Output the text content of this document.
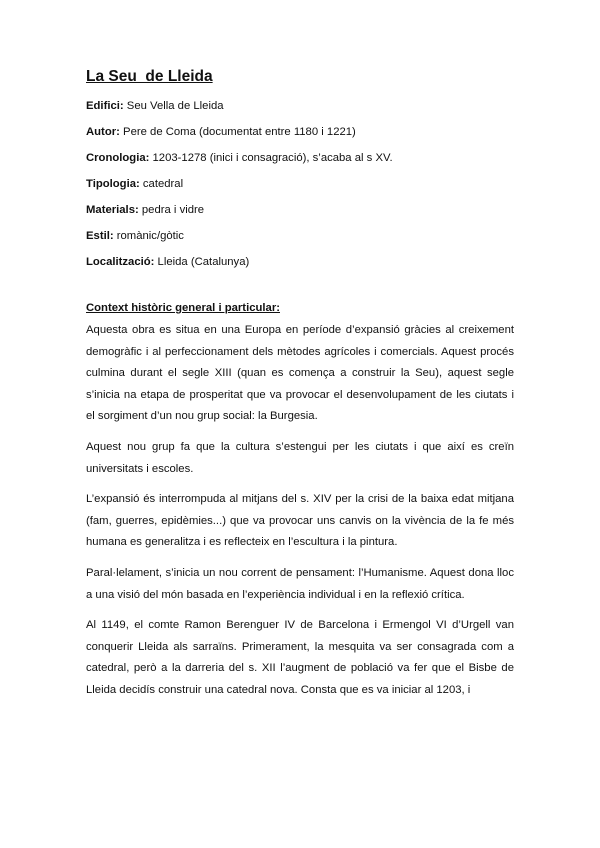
La Seu  de Lleida
Edifici: Seu Vella de Lleida
Autor: Pere de Coma (documentat entre 1180 i 1221)
Cronologia: 1203-1278 (inici i consagració), s’acaba al s XV.
Tipologia: catedral
Materials: pedra i vidre
Estil: romànic/gòtic
Localització: Lleida (Catalunya)
Context històric general i particular:

Aquesta obra es situa en una Europa en període d’expansió gràcies al creixement demogràfic i al perfeccionament dels mètodes agrícoles i comercials. Aquest procés culmina durant el segle XIII (quan es comença a construir la Seu), aquest segle s’inicia na etapa de prosperitat que va provocar el desenvolupament de les ciutats i el sorgiment d’un nou grup social: la Burgesia.

Aquest nou grup fa que la cultura s’estengui per les ciutats i que així es creïn universitats i escoles.

L’expansió és interrompuda al mitjans del s. XIV per la crisi de la baixa edat mitjana (fam, guerres, epidèmies...) que va provocar uns canvis on la vivència de la fe més humana es generalitza i es reflecteix en l’escultura i la pintura.

Paral·lelament, s’inicia un nou corrent de pensament: l’Humanisme. Aquest dona lloc a una visió del món basada en l’experiència individual i en la reflexió crítica.

Al 1149, el comte Ramon Berenguer IV de Barcelona i Ermengol VI d’Urgell van conquerir Lleida als sarraïns. Primerament, la mesquita va ser consagrada com a catedral, però a la darreria del s. XII l’augment de població va fer que el Bisbe de Lleida decidís construir una catedral nova. Consta que es va iniciar al 1203, i
